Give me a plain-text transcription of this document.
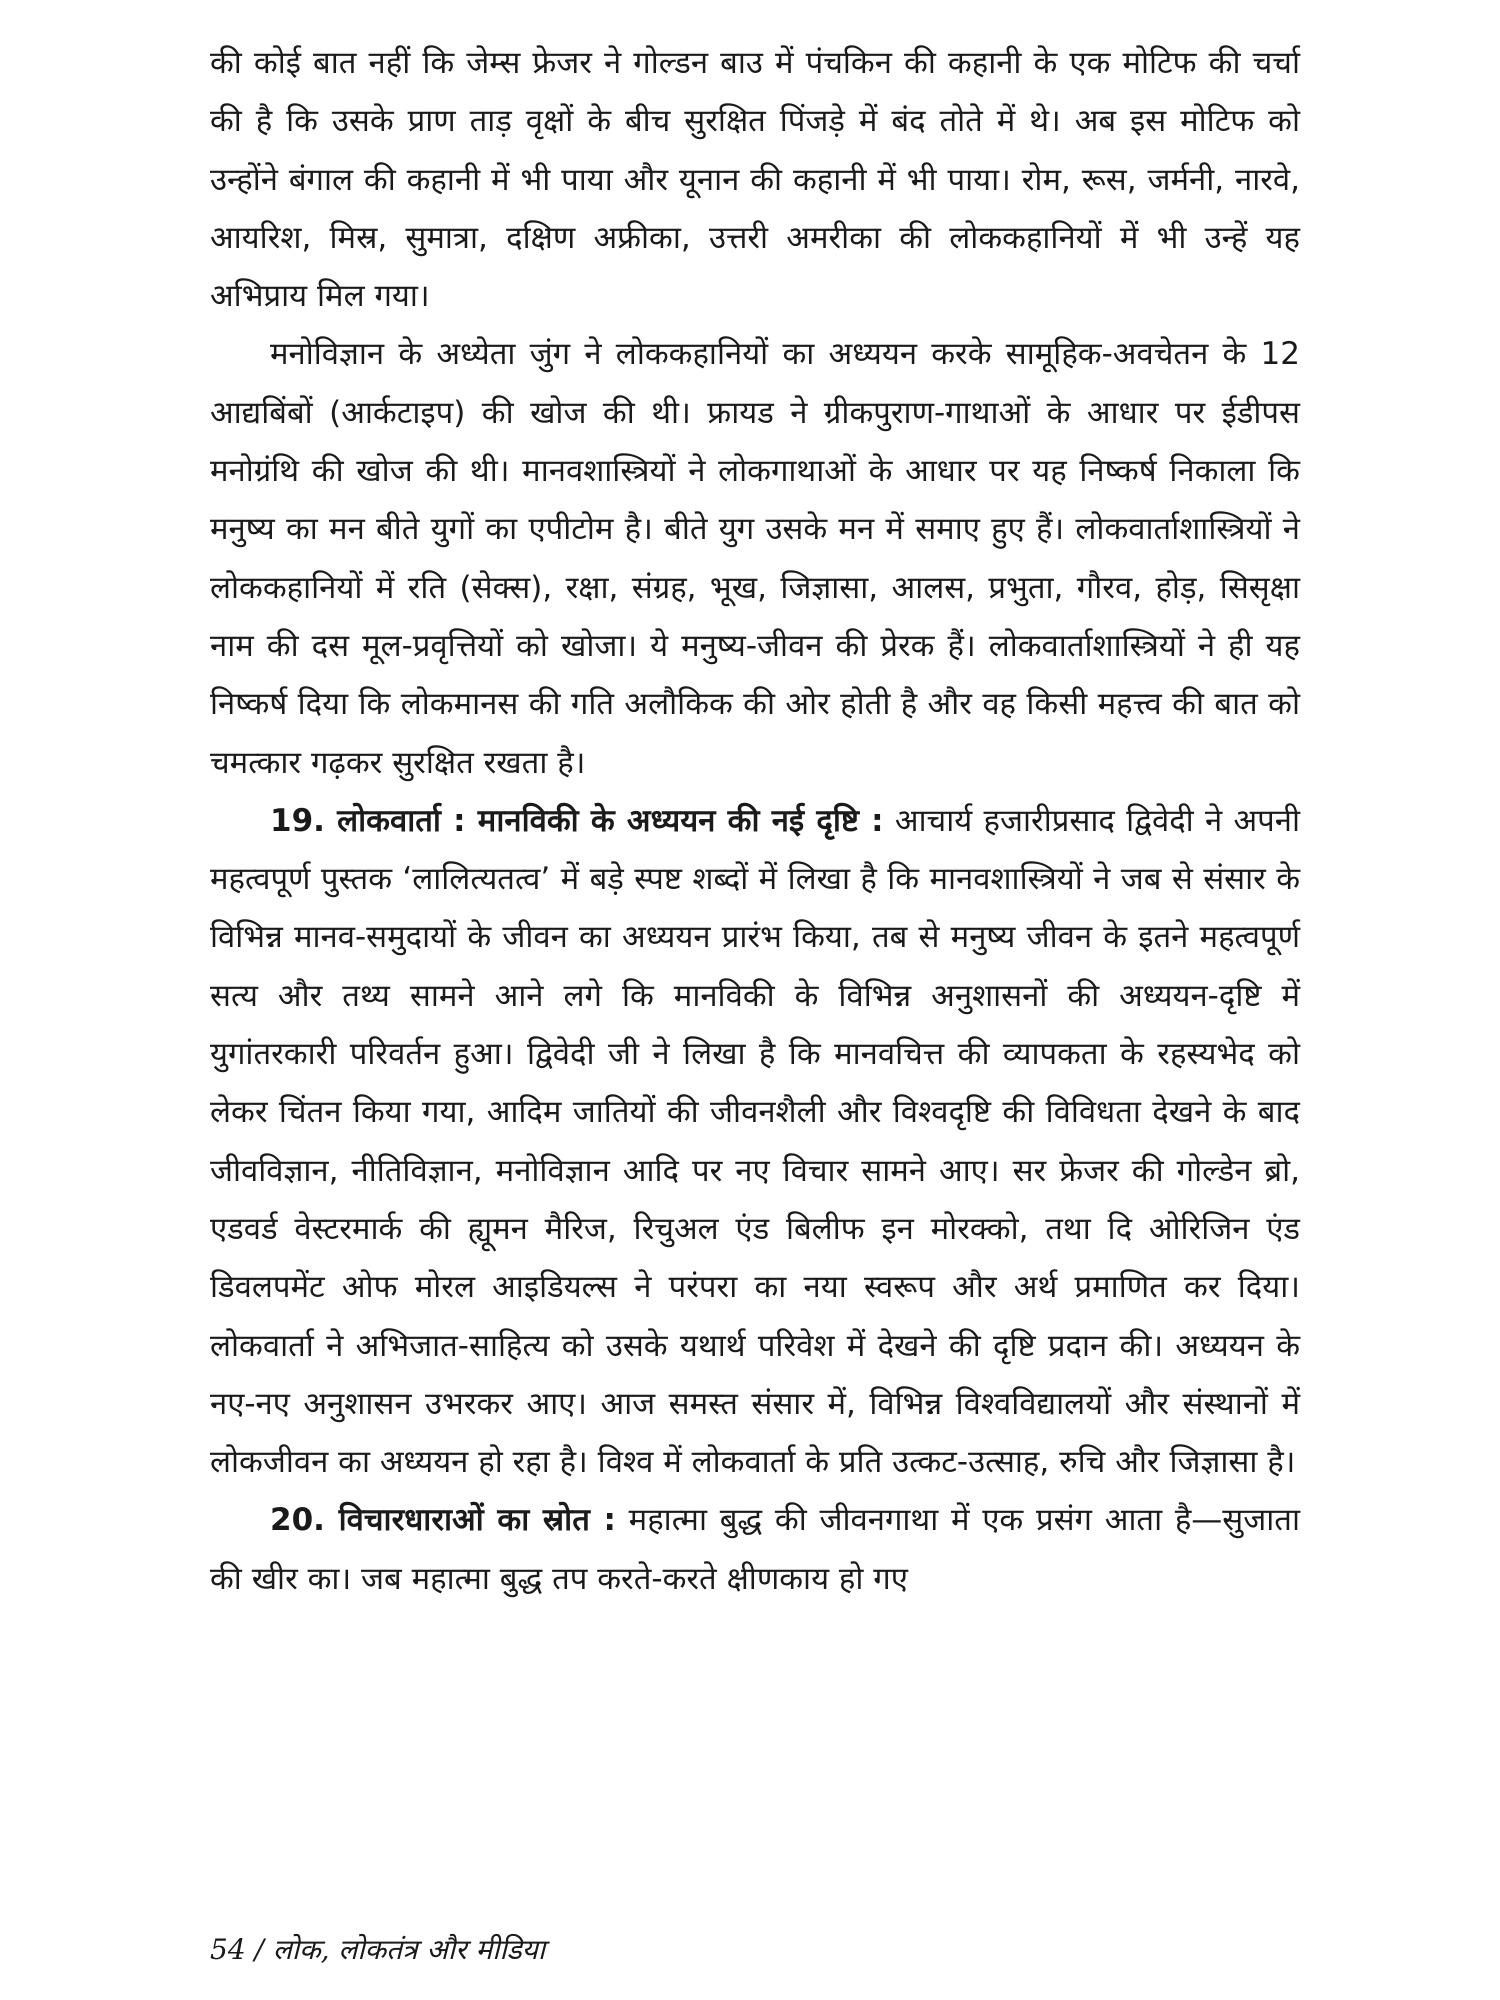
की कोई बात नहीं कि जेम्स फ्रेजर ने गोल्डन बाउ में पंचकिन की कहानी के एक मोटिफ की चर्चा की है कि उसके प्राण ताड़ वृक्षों के बीच सुरक्षित पिंजड़े में बंद तोते में थे। अब इस मोटिफ को उन्होंने बंगाल की कहानी में भी पाया और यूनान की कहानी में भी पाया। रोम, रूस, जर्मनी, नारवे, आयरिश, मिस्र, सुमात्रा, दक्षिण अफ्रीका, उत्तरी अमरीका की लोककहानियों में भी उन्हें यह अभिप्राय मिल गया।

मनोविज्ञान के अध्येता जुंग ने लोककहानियों का अध्ययन करके सामूहिक-अवचेतन के 12 आद्यबिंबों (आर्कटाइप) की खोज की थी। फ्रायड ने ग्रीकपुराण-गाथाओं के आधार पर ईडीपस मनोग्रंथि की खोज की थी। मानवशास्त्रियों ने लोकगाथाओं के आधार पर यह निष्कर्ष निकाला कि मनुष्य का मन बीते युगों का एपीटोम है। बीते युग उसके मन में समाए हुए हैं। लोकवार्ताशास्त्रियों ने लोककहानियों में रति (सेक्स), रक्षा, संग्रह, भूख, जिज्ञासा, आलस, प्रभुता, गौरव, होड़, सिसृक्षा नाम की दस मूल-प्रवृत्तियों को खोजा। ये मनुष्य-जीवन की प्रेरक हैं। लोकवार्ताशास्त्रियों ने ही यह निष्कर्ष दिया कि लोकमानस की गति अलौकिक की ओर होती है और वह किसी महत्त्व की बात को चमत्कार गढ़कर सुरक्षित रखता है।

19. लोकवार्ता : मानविकी के अध्ययन की नई दृष्टि : आचार्य हजारीप्रसाद द्विवेदी ने अपनी महत्वपूर्ण पुस्तक ‘लालित्यतत्व’ में बड़े स्पष्ट शब्दों में लिखा है कि मानवशास्त्रियों ने जब से संसार के विभिन्न मानव-समुदायों के जीवन का अध्ययन प्रारंभ किया, तब से मनुष्य जीवन के इतने महत्वपूर्ण सत्य और तथ्य सामने आने लगे कि मानविकी के विभिन्न अनुशासनों की अध्ययन-दृष्टि में युगांतरकारी परिवर्तन हुआ। द्विवेदी जी ने लिखा है कि मानवचित्त की व्यापकता के रहस्यभेद को लेकर चिंतन किया गया, आदिम जातियों की जीवनशैली और विश्वदृष्टि की विविधता देखने के बाद जीवविज्ञान, नीतिविज्ञान, मनोविज्ञान आदि पर नए विचार सामने आए। सर फ्रेजर की गोल्डेन ब्रो, एडवर्ड वेस्टरमार्क की ह्यूमन मैरिज, रिचुअल एंड बिलीफ इन मोरक्को, तथा दि ओरिजिन एंड डिवलपमेंट ओफ मोरल आइडियल्स ने परंपरा का नया स्वरूप और अर्थ प्रमाणित कर दिया। लोकवार्ता ने अभिजात-साहित्य को उसके यथार्थ परिवेश में देखने की दृष्टि प्रदान की। अध्ययन के नए-नए अनुशासन उभरकर आए। आज समस्त संसार में, विभिन्न विश्वविद्यालयों और संस्थानों में लोकजीवन का अध्ययन हो रहा है। विश्व में लोकवार्ता के प्रति उत्कट-उत्साह, रुचि और जिज्ञासा है।

20. विचारधाराओं का स्रोत : महात्मा बुद्ध की जीवनगाथा में एक प्रसंग आता है—सुजाता की खीर का। जब महात्मा बुद्ध तप करते-करते क्षीणकाय हो गए

54 / लोक, लोकतंत्र और मीडिया
